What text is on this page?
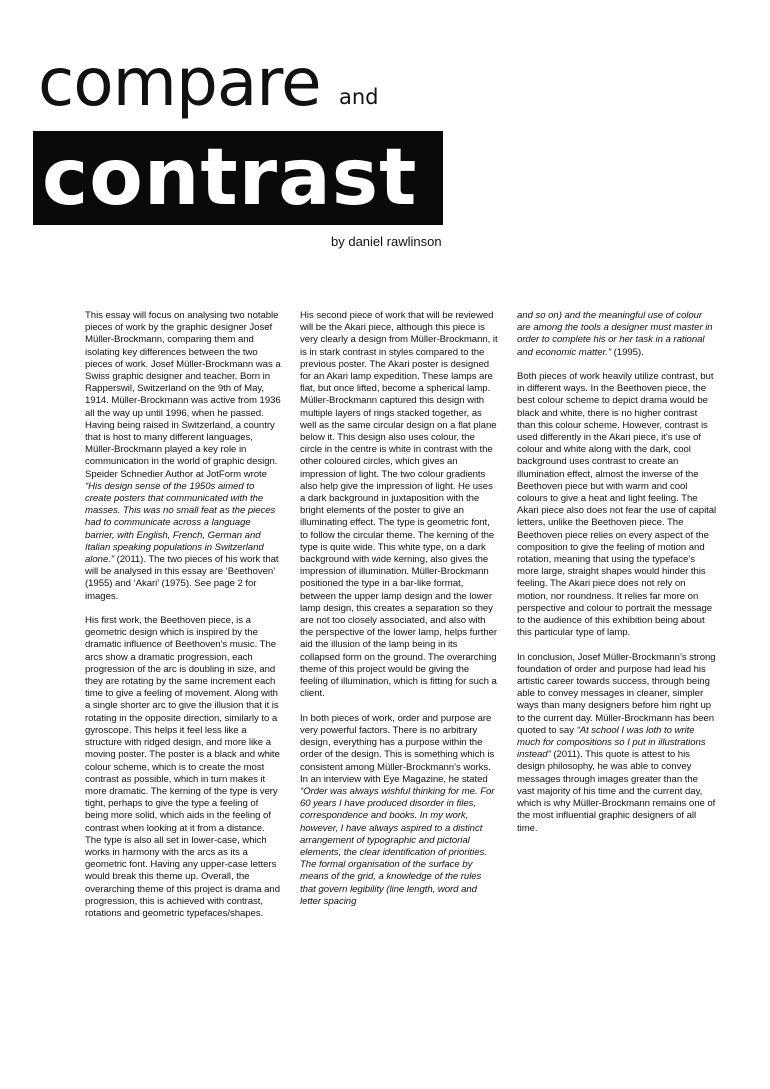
compare and
contrast
by daniel rawlinson

This essay will focus on analysing two notable pieces of work by the graphic designer Josef Müller-Brockmann, comparing them and isolating key differences between the two pieces of work. Josef Müller-Brockmann was a Swiss graphic designer and teacher. Born in Rapperswil, Switzerland on the 9th of May, 1914. Müller-Brockmann was active from 1936 all the way up until 1996, when he passed. Having being raised in Switzerland, a country that is host to many different languages, Müller-Brockmann played a key role in communication in the world of graphic design. Speider Schnedier Author at JotForm wrote “His design sense of the 1950s aimed to create posters that communicated with the masses. This was no small feat as the pieces had to communicate across a language barrier, with English, French, German and Italian speaking populations in Switzerland alone.” (2011). The two pieces of his work that will be analysed in this essay are ‘Beethoven’ (1955) and ‘Akari’ (1975). See page 2 for images.

His first work, the Beethoven piece, is a geometric design which is inspired by the dramatic influence of Beethoven’s music. The arcs show a dramatic progression, each progression of the arc is doubling in size, and they are rotating by the same increment each time to give a feeling of movement. Along with a single shorter arc to give the illusion that it is rotating in the opposite direction, similarly to a gyroscope. This helps it feel less like a structure with ridged design, and more like a moving poster. The poster is a black and white colour scheme, which is to create the most contrast as possible, which in turn makes it more dramatic. The kerning of the type is very tight, perhaps to give the type a feeling of being more solid, which aids in the feeling of contrast when looking at it from a distance. The type is also all set in lower-case, which works in harmony with the arcs as its a geometric font. Having any upper-case letters would break this theme up. Overall, the overarching theme of this project is drama and progression, this is achieved with contrast, rotations and geometric typefaces/shapes.

His second piece of work that will be reviewed will be the Akari piece, although this piece is very clearly a design from Müller-Brockmann, it is in stark contrast in styles compared to the previous poster. The Akari poster is designed for an Akari lamp expedition. These lamps are flat, but once lifted, become a spherical lamp. Müller-Brockmann captured this design with multiple layers of rings stacked together, as well as the same circular design on a flat plane below it. This design also uses colour, the circle in the centre is white in contrast with the other coloured circles, which gives an impression of light. The two colour gradients also help give the impression of light. He uses a dark background in juxtaposition with the bright elements of the poster to give an illuminating effect. The type is geometric font, to follow the circular theme. The kerning of the type is quite wide. This white type, on a dark background with wide kerning, also gives the impression of illumination. Müller-Brockmann positioned the type in a bar-like format, between the upper lamp design and the lower lamp design, this creates a separation so they are not too closely associated, and also with the perspective of the lower lamp, helps further aid the illusion of the lamp being in its collapsed form on the ground. The overarching theme of this project would be giving the feeling of illumination, which is fitting for such a client.

In both pieces of work, order and purpose are very powerful factors. There is no arbitrary design, everything has a purpose within the order of the design. This is something which is consistent among Müller-Brockmann’s works. In an interview with Eye Magazine, he stated “Order was always wishful thinking for me. For 60 years I have produced disorder in files, correspondence and books. In my work, however, I have always aspired to a distinct arrangement of typographic and pictorial elements, the clear identification of priorities. The formal organisation of the surface by means of the grid, a knowledge of the rules that govern legibility (line length, word and letter spacing

and so on) and the meaningful use of colour are among the tools a designer must master in order to complete his or her task in a rational and economic matter.” (1995).

Both pieces of work heavily utilize contrast, but in different ways. In the Beethoven piece, the best colour scheme to depict drama would be black and white, there is no higher contrast than this colour scheme. However, contrast is used differently in the Akari piece, it’s use of colour and white along with the dark, cool background uses contrast to create an illumination effect, almost the inverse of the Beethoven piece but with warm and cool colours to give a heat and light feeling. The Akari piece also does not fear the use of capital letters, unlike the Beethoven piece. The Beethoven piece relies on every aspect of the composition to give the feeling of motion and rotation, meaning that using the typeface’s more large, straight shapes would hinder this feeling. The Akari piece does not rely on motion, nor roundness. It relies far more on perspective and colour to portrait the message to the audience of this exhibition being about this particular type of lamp.

In conclusion, Josef Müller-Brockmann’s strong foundation of order and purpose had lead his artistic career towards success, through being able to convey messages in cleaner, simpler ways than many designers before him right up to the current day. Müller-Brockmann has been quoted to say “At school I was loth to write much for compositions so I put in illustrations instead” (2011). This quote is attest to his design philosophy, he was able to convey messages through images greater than the vast majority of his time and the current day, which is why Müller-Brockmann remains one of the most influential graphic designers of all time.
